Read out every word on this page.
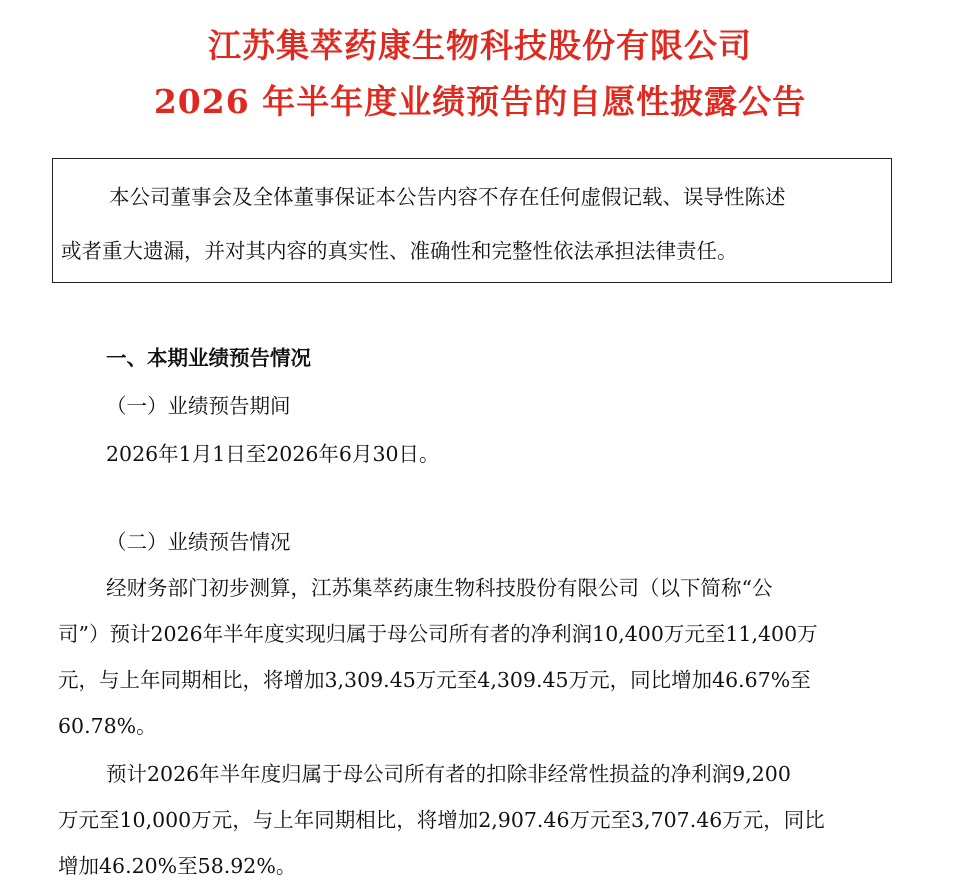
江苏集萃药康生物科技股份有限公司
2026 年半年度业绩预告的自愿性披露公告
本公司董事会及全体董事保证本公告内容不存在任何虚假记载、误导性陈述
或者重大遗漏，并对其内容的真实性、准确性和完整性依法承担法律责任。
一、本期业绩预告情况
（一）业绩预告期间
2026年1月1日至2026年6月30日。
（二）业绩预告情况
经财务部门初步测算，江苏集萃药康生物科技股份有限公司（以下简称“公
司”）预计2026年半年度实现归属于母公司所有者的净利润10,400万元至11,400万
元，与上年同期相比，将增加3,309.45万元至4,309.45万元，同比增加46.67%至
60.78%。
预计2026年半年度归属于母公司所有者的扣除非经常性损益的净利润9,200
万元至10,000万元，与上年同期相比，将增加2,907.46万元至3,707.46万元，同比
增加46.20%至58.92%。
